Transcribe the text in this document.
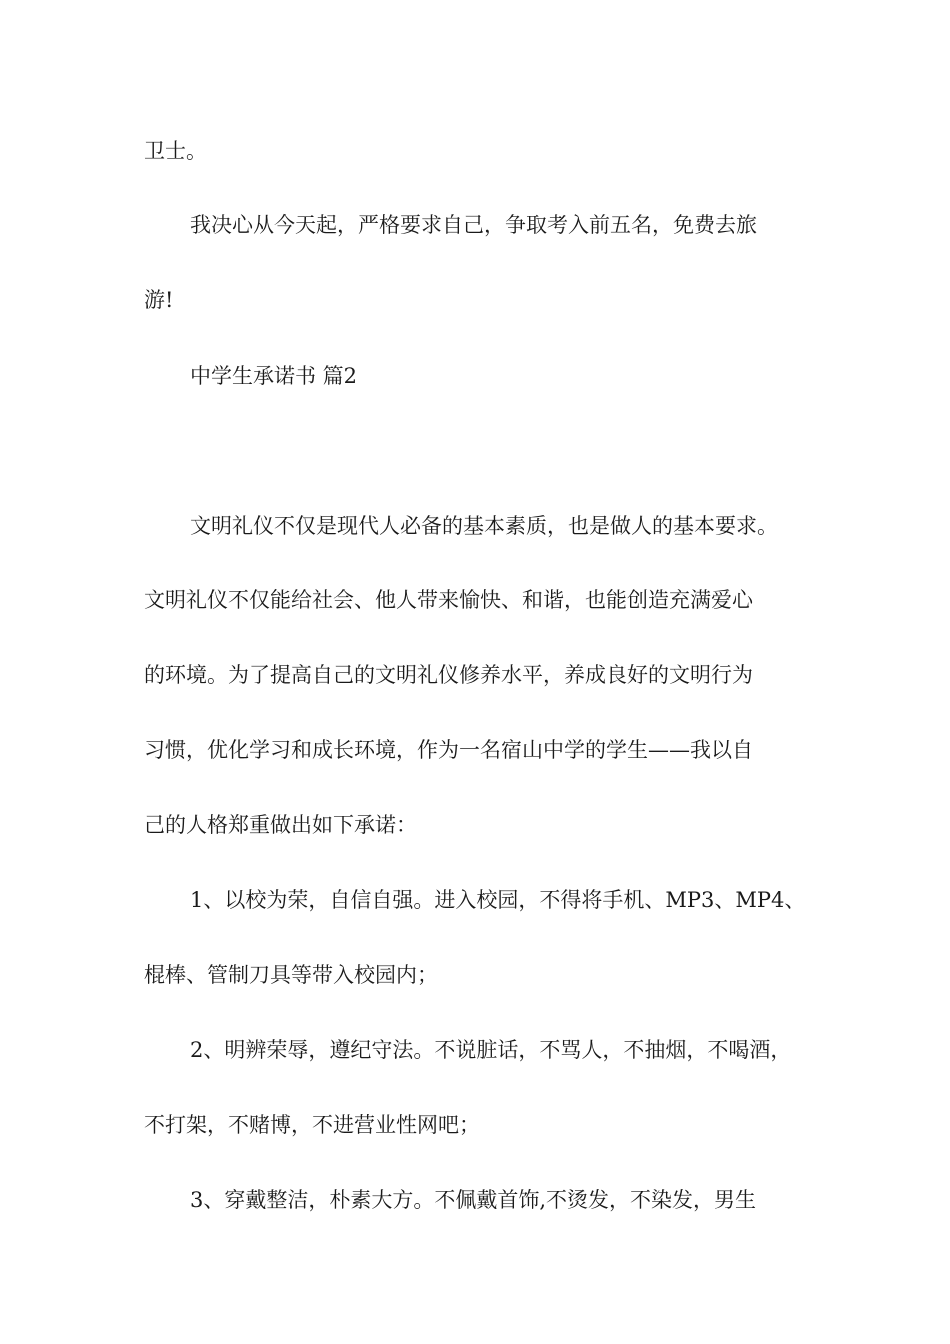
卫士。

我决心从今天起，严格要求自己，争取考入前五名，免费去旅

游!

中学生承诺书 篇2

文明礼仪不仅是现代人必备的基本素质，也是做人的基本要求。

文明礼仪不仅能给社会、他人带来愉快、和谐，也能创造充满爱心

的环境。为了提高自己的文明礼仪修养水平，养成良好的文明行为

习惯，优化学习和成长环境，作为一名宿山中学的学生——我以自

己的人格郑重做出如下承诺：

1、以校为荣，自信自强。进入校园，不得将手机、MP3、MP4、

棍棒、管制刀具等带入校园内；

2、明辨荣辱，遵纪守法。不说脏话，不骂人，不抽烟，不喝酒，

不打架，不赌博，不进营业性网吧；

3、穿戴整洁，朴素大方。不佩戴首饰,不烫发，不染发，男生
